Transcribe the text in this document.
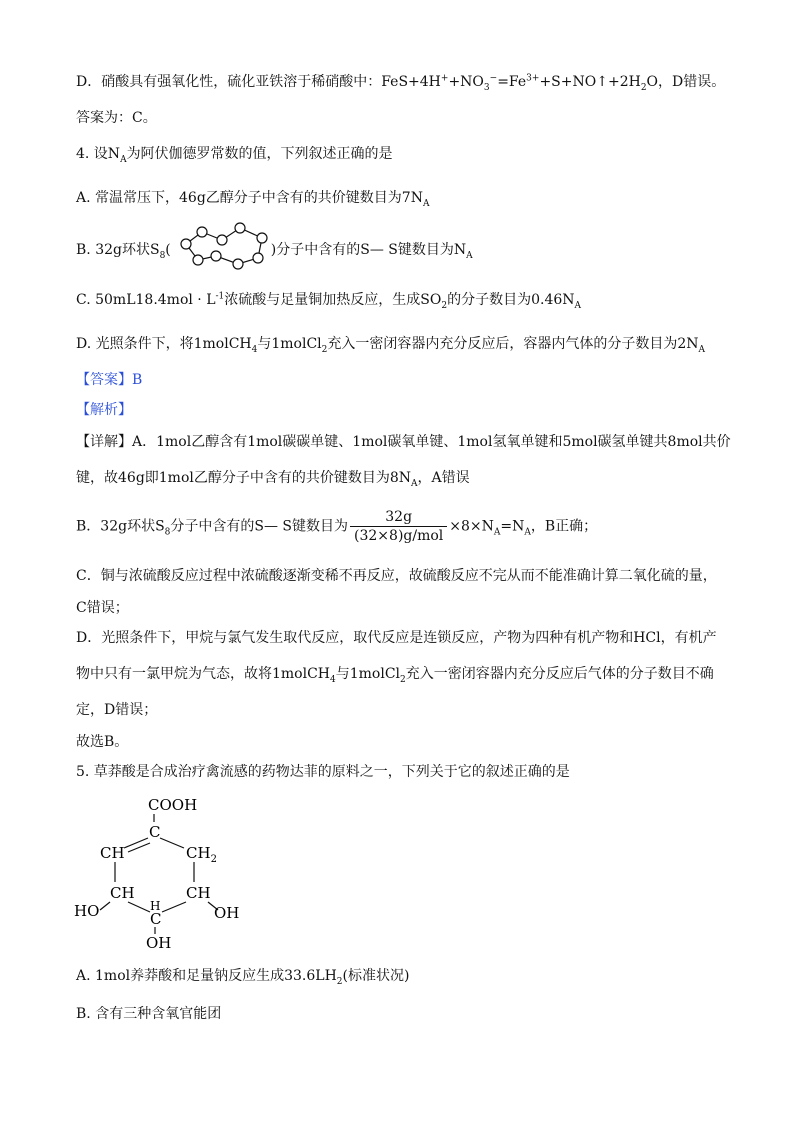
D．硝酸具有强氧化性，硫化亚铁溶于稀硝酸中：$FeS+4H^++NO_3^-=Fe^{3+}+S+NO↑+2H_2O$，D错误。
答案为：C。
4. 设$N_A$为阿伏伽德罗常数的值，下列叙述正确的是
A. 常温常压下，46g乙醇分子中含有的共价键数目为$7N_A$
B. 32g环状$S_8$(	)分子中含有的S— S键数目为$N_A$
C. $50mL18.4mol \cdot L^{-1}$浓硫酸与足量铜加热反应，生成$SO_2$的分子数目为$0.46N_A$
D. 光照条件下，将1molCH$_4$与1molCl$_2$充入一密闭容器内充分反应后，容器内气体的分子数目为$2N_A$
【答案】B
【解析】
【详解】A．1mol乙醇含有1mol碳碳单键、1mol碳氧单键、1mol氢氧单键和5mol碳氢单键共8mol共价
键，故46g即1mol乙醇分子中含有的共价键数目为$8N_A$，A错误
B．32g环状$S_8$分子中含有的S— S键数目为 $\frac{32g}{\text{(32×8)g/mol}} \times 8\times N_A=N_A$，B正确；
C．铜与浓硫酸反应过程中浓硫酸逐渐变稀不再反应，故硫酸反应不完从而不能准确计算二氧化硫的量，
C错误；
D．光照条件下，甲烷与氯气发生取代反应，取代反应是连锁反应，产物为四种有机产物和HCl，有机产
物中只有一氯甲烷为气态，故将1molCH$_4$与1molCl$_2$充入一密闭容器内充分反应后气体的分子数目不确
定，D错误；
故选B。
5. 草莽酸是合成治疗禽流感的药物达菲的原料之一，下列关于它的叙述正确的是
COOH
C
CH	$CH_2$
CH	CH
H
C
HO	OH
OH
A. 1mol养莽酸和足量钠反应生成$33.6LH_2$(标准状况)
B. 含有三种含氧官能团
